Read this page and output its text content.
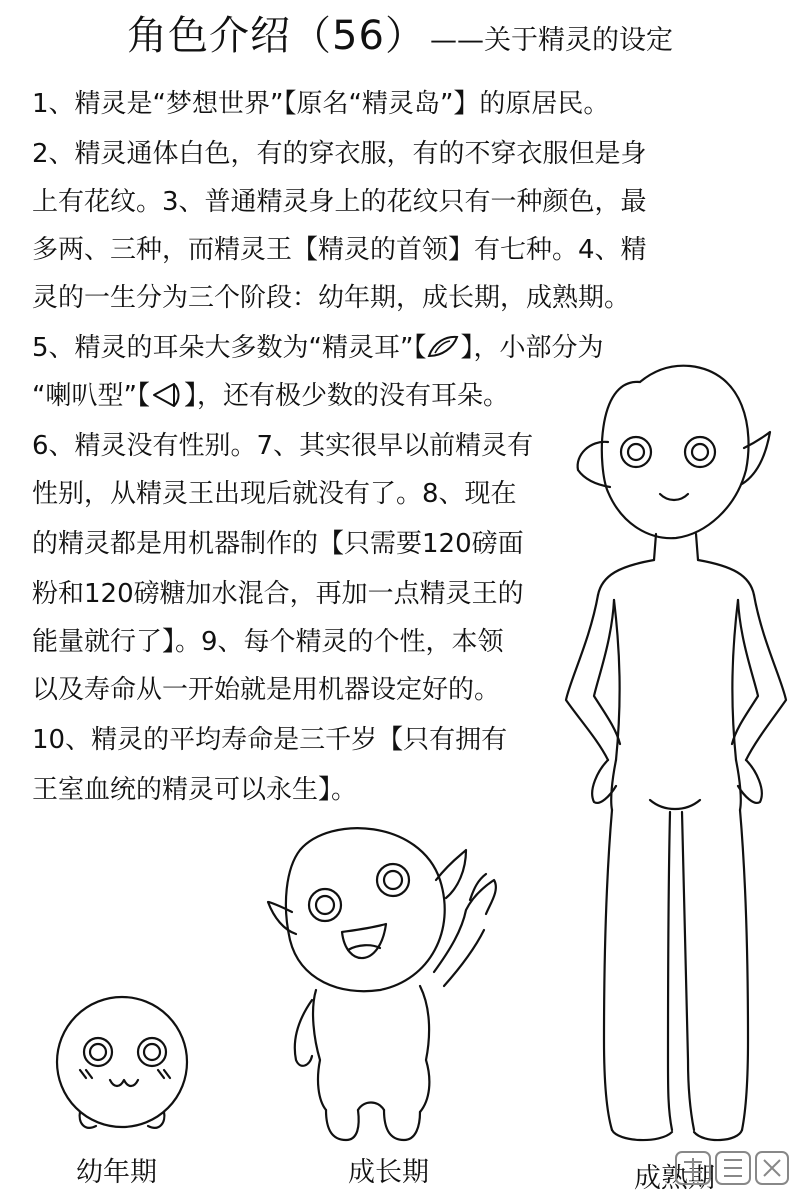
角色介绍（56） ——关于精灵的设定
1、精灵是“梦想世界”【原名“精灵岛”】的原居民。
2、精灵通体白色，有的穿衣服，有的不穿衣服但是身
上有花纹。3、普通精灵身上的花纹只有一种颜色，最
多两、三种，而精灵王【精灵的首领】有七种。4、精
灵的一生分为三个阶段：幼年期，成长期，成熟期。
5、精灵的耳朵大多数为“精灵耳”【 】，小部分为
“喇叭型”【 】，还有极少数的没有耳朵。
6、精灵没有性别。7、其实很早以前精灵有
性别，从精灵王出现后就没有了。8、现在
的精灵都是用机器制作的【只需要120磅面
粉和120磅糖加水混合，再加一点精灵王的
能量就行了】。9、每个精灵的个性，本领
以及寿命从一开始就是用机器设定好的。
10、精灵的平均寿命是三千岁【只有拥有
王室血统的精灵可以永生】。
幼年期	成长期	成熟期
